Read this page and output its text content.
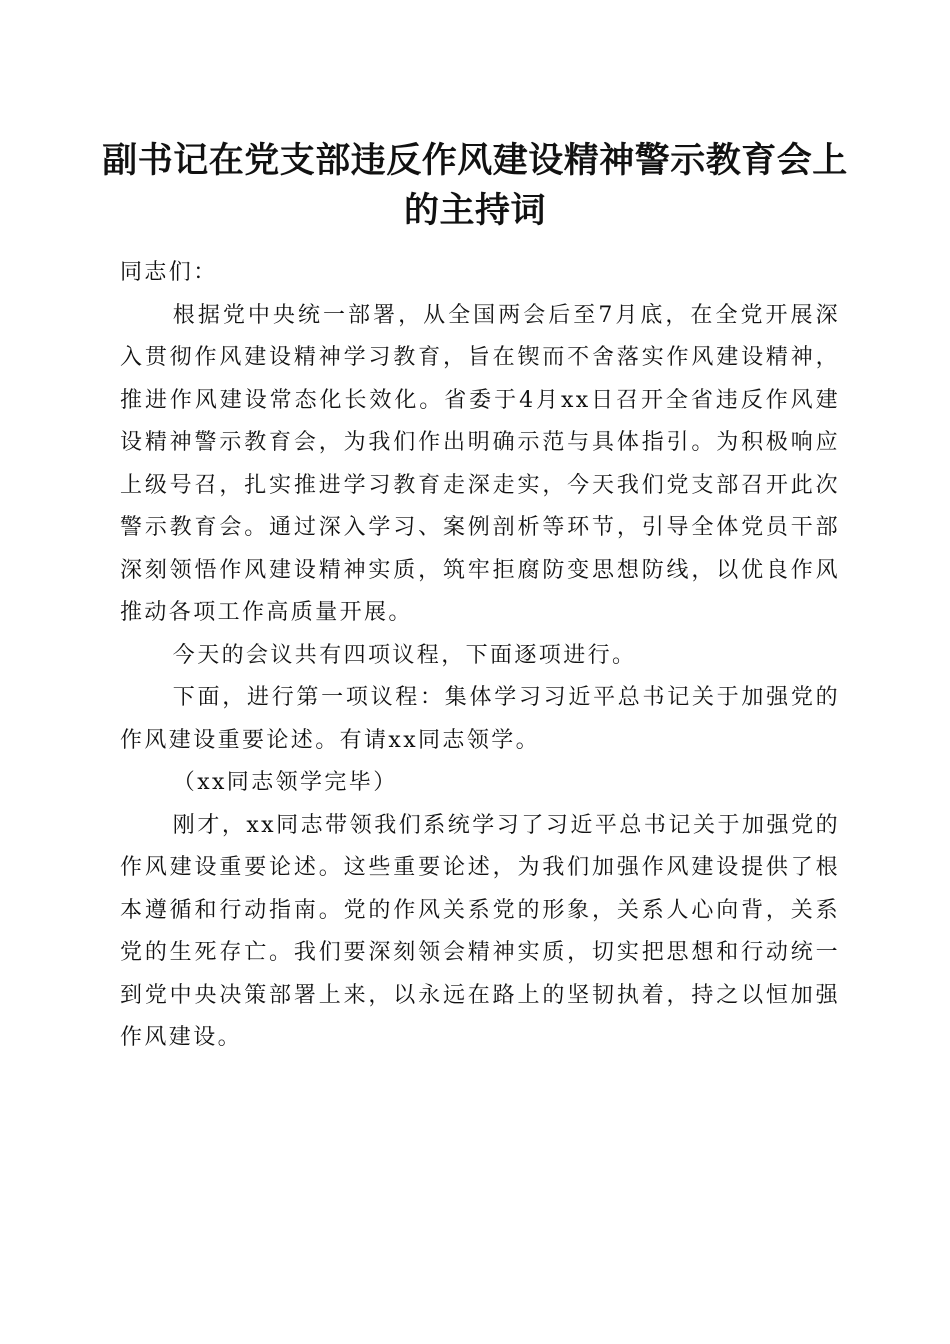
副书记在党支部违反作风建设精神警示教育会上的主持词

同志们：

根据党中央统一部署，从全国两会后至7月底，在全党开展深入贯彻作风建设精神学习教育，旨在锲而不舍落实作风建设精神，推进作风建设常态化长效化。省委于4月xx日召开全省违反作风建设精神警示教育会，为我们作出明确示范与具体指引。为积极响应上级号召，扎实推进学习教育走深走实，今天我们党支部召开此次警示教育会。通过深入学习、案例剖析等环节，引导全体党员干部深刻领悟作风建设精神实质，筑牢拒腐防变思想防线，以优良作风推动各项工作高质量开展。

今天的会议共有四项议程，下面逐项进行。

下面，进行第一项议程：集体学习习近平总书记关于加强党的作风建设重要论述。有请xx同志领学。

（xx同志领学完毕）

刚才，xx同志带领我们系统学习了习近平总书记关于加强党的作风建设重要论述。这些重要论述，为我们加强作风建设提供了根本遵循和行动指南。党的作风关系党的形象，关系人心向背，关系党的生死存亡。我们要深刻领会精神实质，切实把思想和行动统一到党中央决策部署上来，以永远在路上的坚韧执着，持之以恒加强作风建设。
